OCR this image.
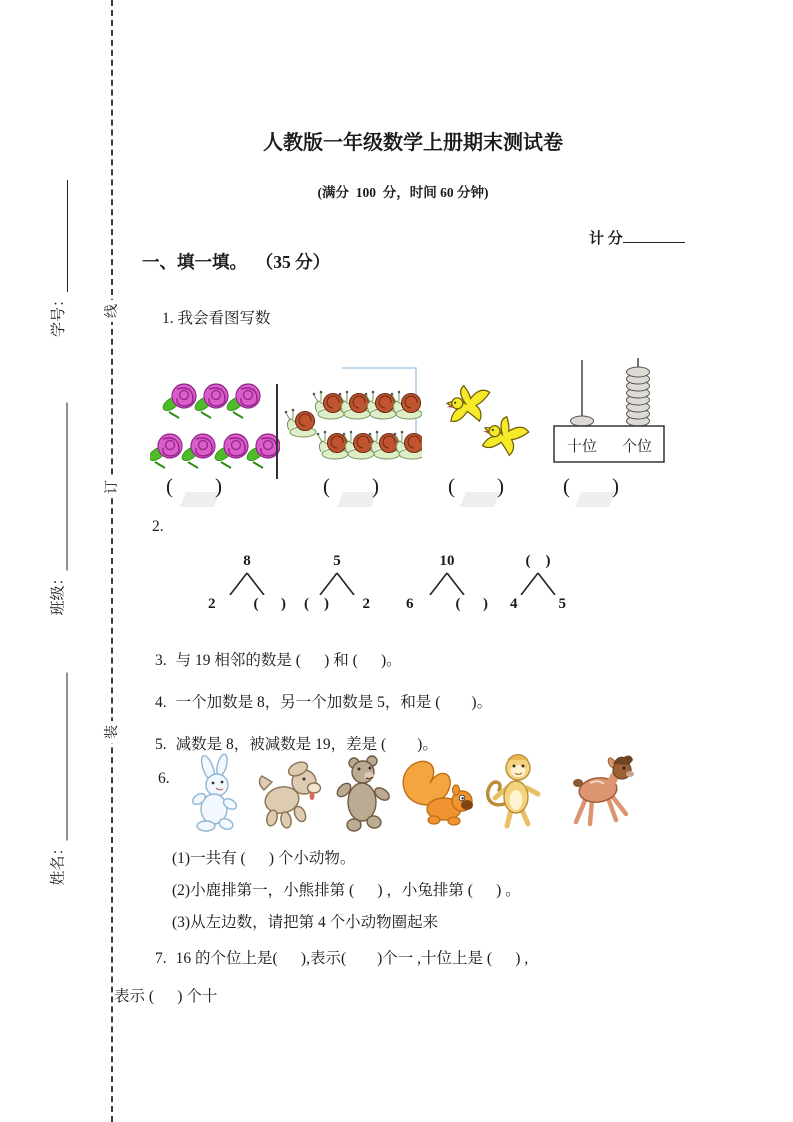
线
订
装
学号：
班级：
姓名：
人教版一年级数学上册期末测试卷
(满分  100  分，时间 60 分钟)

计 分

一、填一填。  （35 分）
1. 我会看图写数
十位 个位
(        )	(        )	(        )	(        )
2.
8
2	(      )
5
(    ) 2
10
6	(      )
(    )
4	5
3. 与 19 相邻的数是 (      ) 和 (      )。
4. 一个加数是 8，另一个加数是 5，和是 (        )。
5. 减数是 8，被减数是 19，差是 (        )。
6.
(1)一共有 (      ) 个小动物。
(2)小鹿排第一，小熊排第 (      ) ，小兔排第 (      ) 。
(3)从左边数，请把第 4 个小动物圈起来
7. 16 的个位上是(      ),表示(        )个一 ,十位上是 (      ) ,
表示 (      ) 个十
